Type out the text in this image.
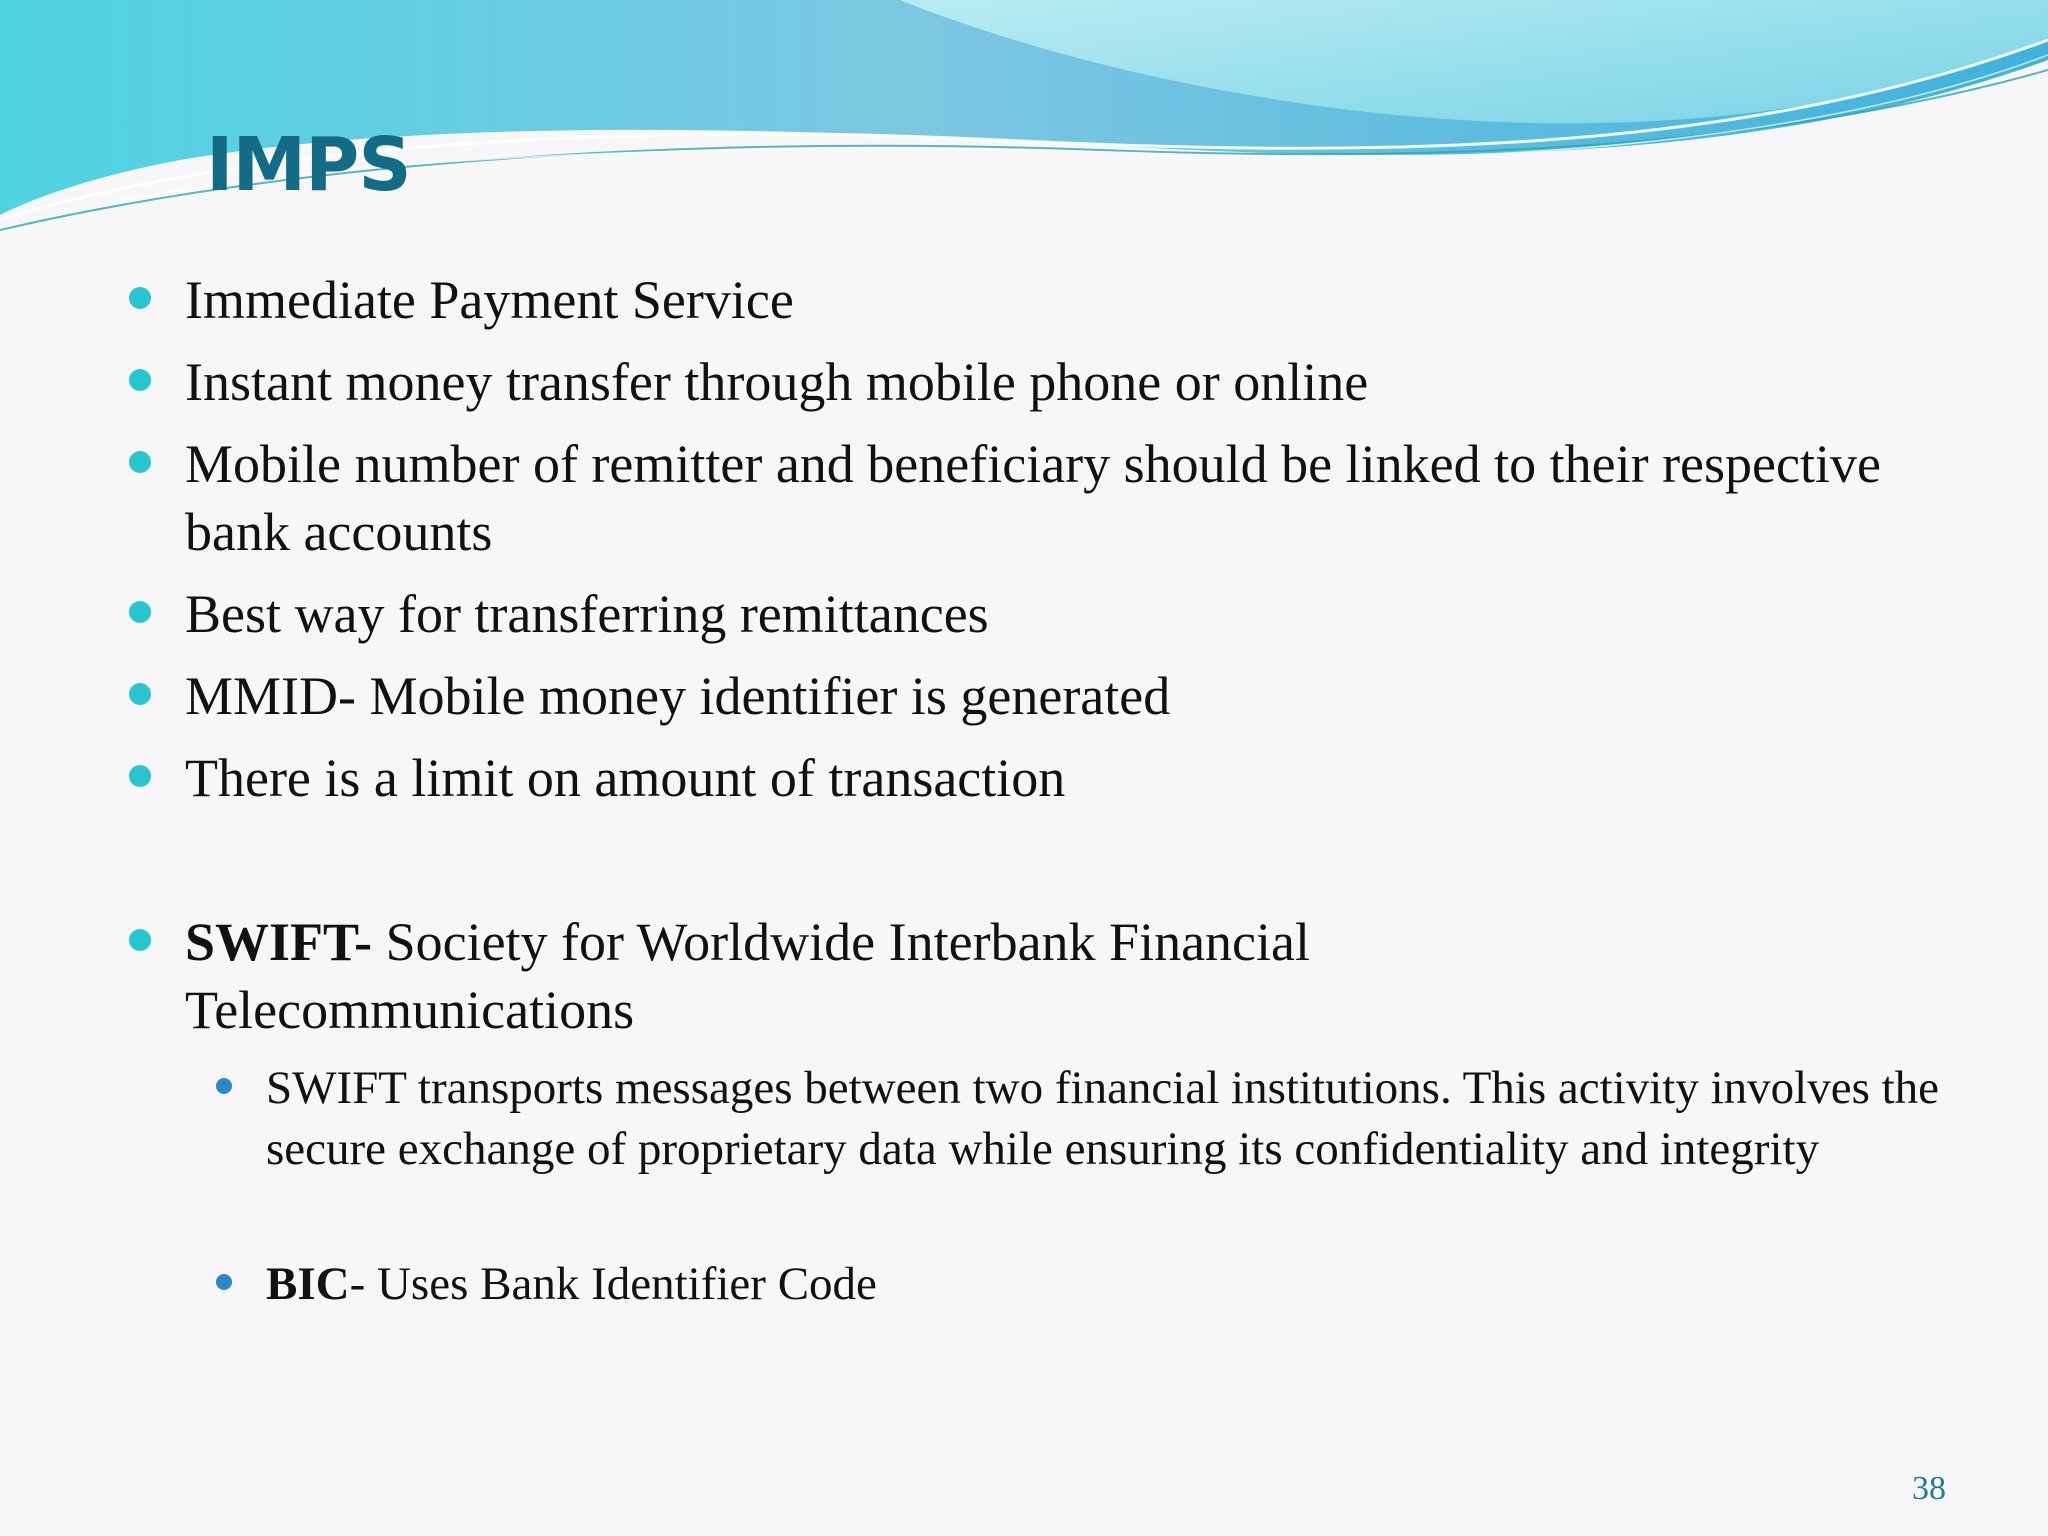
IMPS
Immediate Payment Service
Instant money transfer through mobile phone or online
Mobile number of remitter and beneficiary should be linked to their respective bank accounts
Best way for transferring remittances
MMID- Mobile money identifier is generated
There is a limit on amount of transaction
SWIFT- Society for Worldwide Interbank Financial Telecommunications
SWIFT transports messages between two financial institutions. This activity involves the secure exchange of proprietary data while ensuring its confidentiality and integrity
BIC- Uses Bank Identifier Code
38
